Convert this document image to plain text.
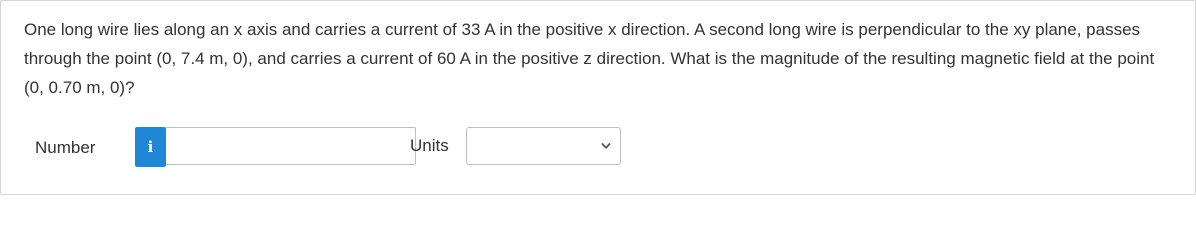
One long wire lies along an x axis and carries a current of 33 A in the positive x direction. A second long wire is perpendicular to the xy plane, passes through the point (0, 7.4 m, 0), and carries a current of 60 A in the positive z direction. What is the magnitude of the resulting magnetic field at the point (0, 0.70 m, 0)?

Number	i	Units
